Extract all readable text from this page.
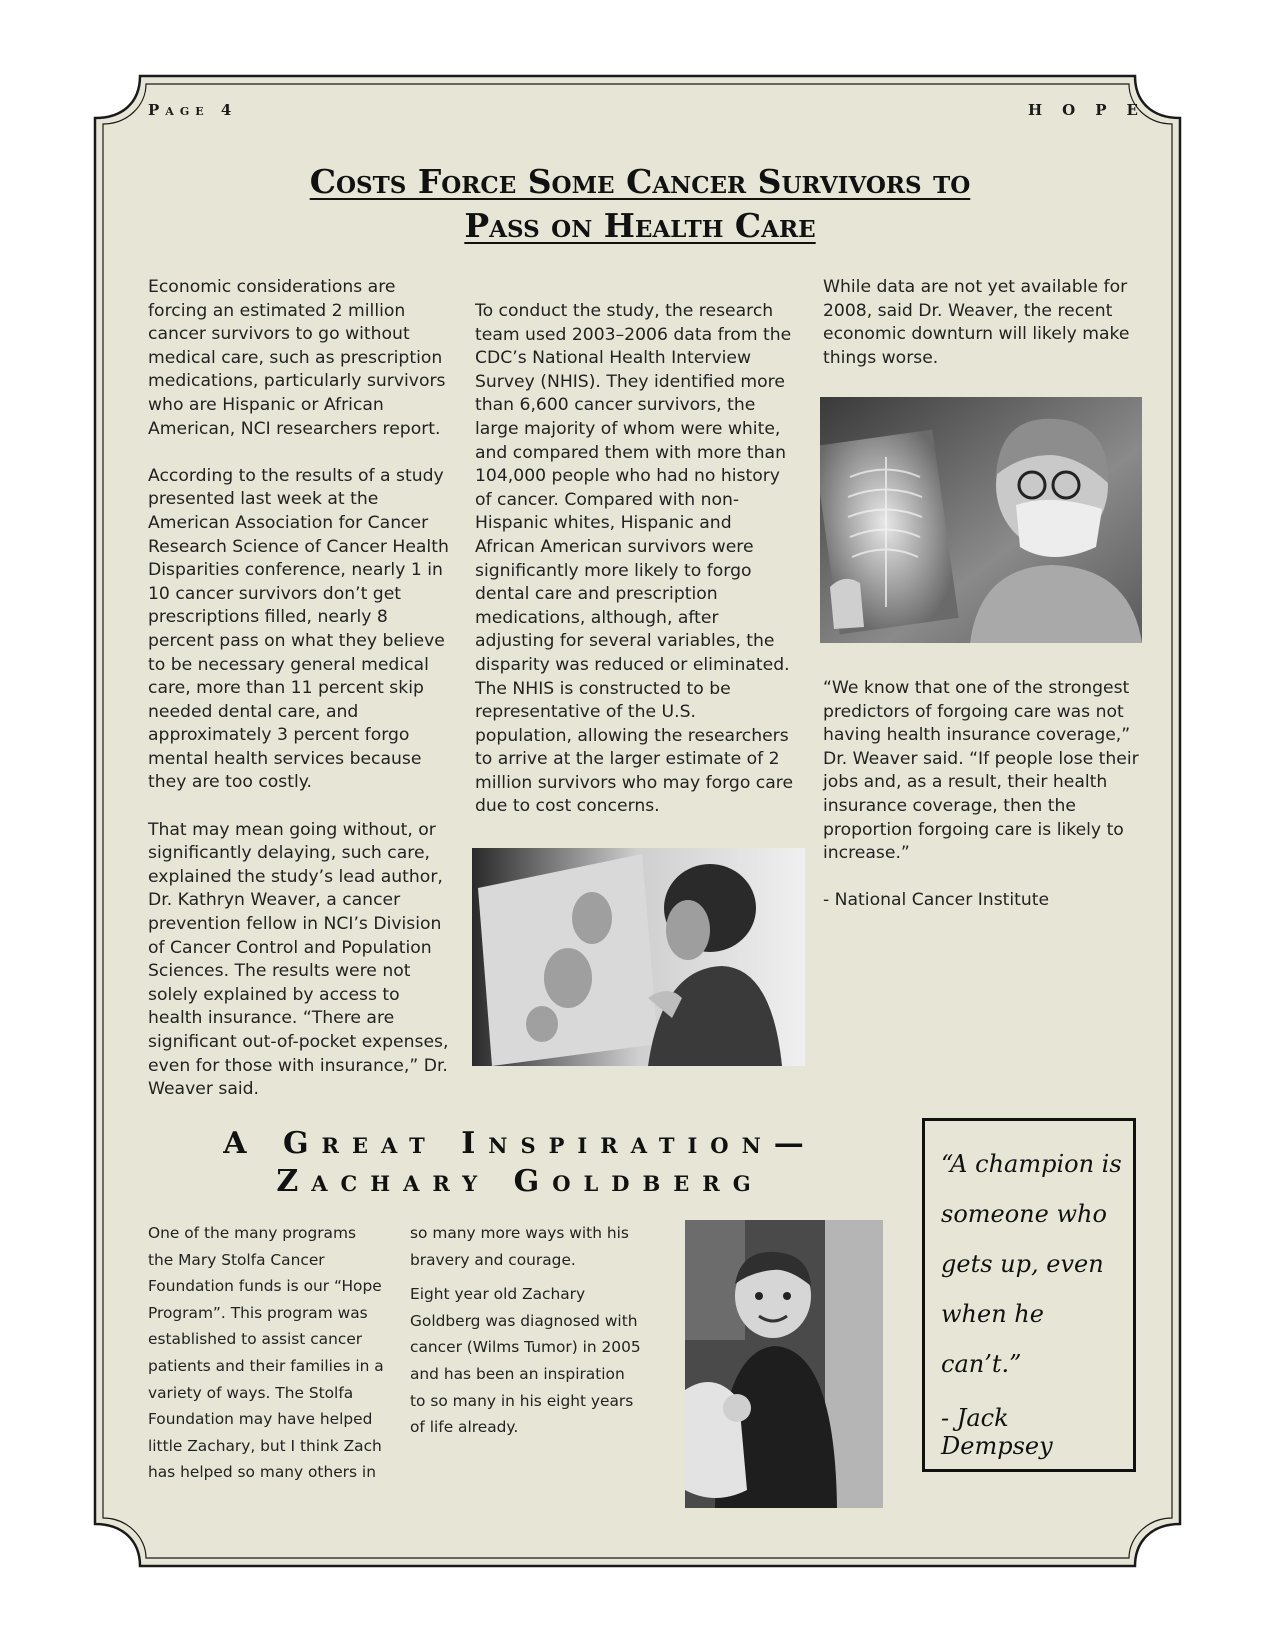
Page 4	HOPE
Costs Force Some Cancer Survivors to
Pass on Health Care

Economic considerations are forcing an estimated 2 million cancer survivors to go without medical care, such as prescription medications, particularly survivors who are Hispanic or African American, NCI researchers report.

According to the results of a study presented last week at the American Association for Cancer Research Science of Cancer Health Disparities conference, nearly 1 in 10 cancer survivors don’t get prescriptions filled, nearly 8 percent pass on what they believe to be necessary general medical care, more than 11 percent skip needed dental care, and approximately 3 percent forgo mental health services because they are too costly.

That may mean going without, or significantly delaying, such care, explained the study’s lead author, Dr. Kathryn Weaver, a cancer prevention fellow in NCI’s Division of Cancer Control and Population Sciences. The results were not solely explained by access to health insurance. “There are significant out-of-pocket expenses, even for those with insurance,” Dr. Weaver said.

To conduct the study, the research team used 2003–2006 data from the CDC’s National Health Interview Survey (NHIS). They identified more than 6,600 cancer survivors, the large majority of whom were white, and compared them with more than 104,000 people who had no history of cancer. Compared with non-Hispanic whites, Hispanic and African American survivors were significantly more likely to forgo dental care and prescription medications, although, after adjusting for several variables, the disparity was reduced or eliminated. The NHIS is constructed to be representative of the U.S. population, allowing the researchers to arrive at the larger estimate of 2 million survivors who may forgo care due to cost concerns.

While data are not yet available for 2008, said Dr. Weaver, the recent economic downturn will likely make things worse.

“We know that one of the strongest predictors of forgoing care was not having health insurance coverage,” Dr. Weaver said. “If people lose their jobs and, as a result, their health insurance coverage, then the proportion forgoing care is likely to increase.”

- National Cancer Institute

A Great Inspiration—
Zachary Goldberg

One of the many programs the Mary Stolfa Cancer Foundation funds is our “Hope Program”. This program was established to assist cancer patients and their families in a variety of ways. The Stolfa Foundation may have helped little Zachary, but I think Zach has helped so many others in

so many more ways with his bravery and courage.

Eight year old Zachary Goldberg was diagnosed with cancer (Wilms Tumor) in 2005 and has been an inspiration to so many in his eight years of life already.

“A champion is someone who gets up, even when he can’t.”
- Jack Dempsey
